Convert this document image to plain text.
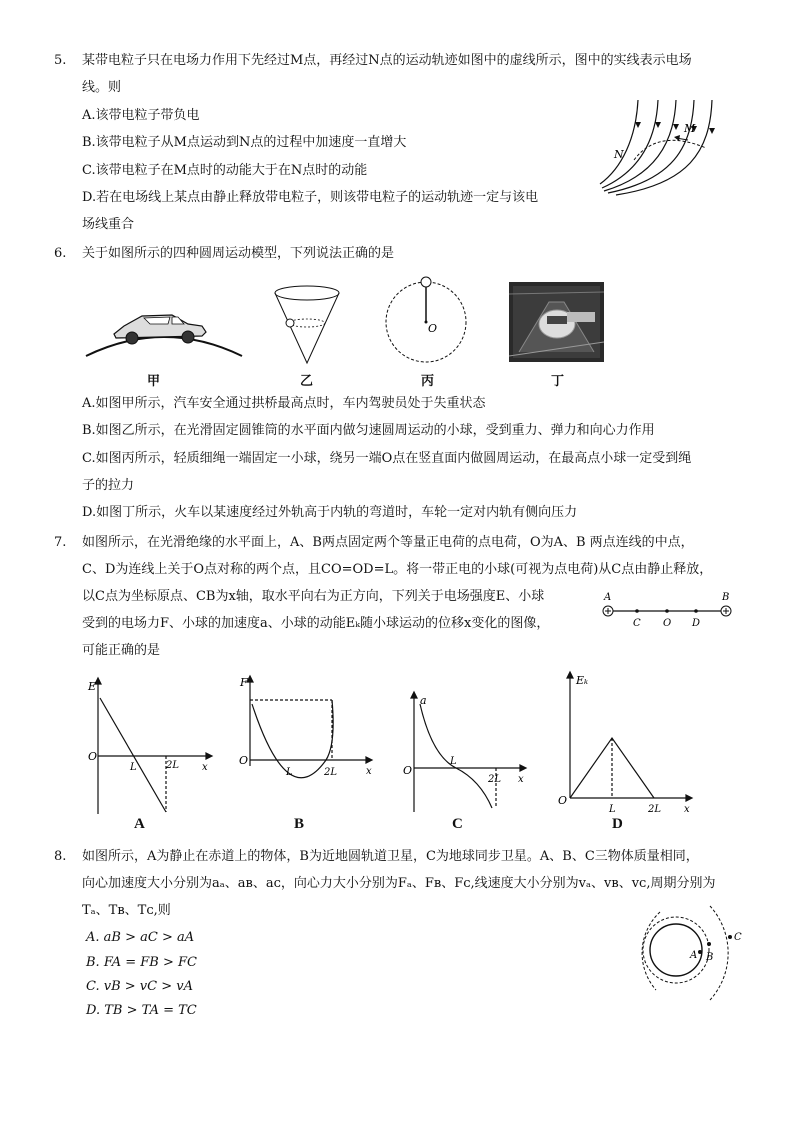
5. 某带电粒子只在电场力作用下先经过M点，再经过N点的运动轨迹如图中的虚线所示，图中的实线表示电场
线。则
A.该带电粒子带负电
B.该带电粒子从M点运动到N点的过程中加速度一直增大
C.该带电粒子在M点时的动能大于在N点时的动能
D.若在电场线上某点由静止释放带电粒子，则该带电粒子的运动轨迹一定与该电
场线重合
M
N
6. 关于如图所示的四种圆周运动模型，下列说法正确的是
甲	乙
O
丙	丁
A.如图甲所示，汽车安全通过拱桥最高点时，车内驾驶员处于失重状态
B.如图乙所示，在光滑固定圆锥筒的水平面内做匀速圆周运动的小球，受到重力、弹力和向心力作用
C.如图丙所示，轻质细绳一端固定一小球，绕另一端O点在竖直面内做圆周运动，在最高点小球一定受到绳
子的拉力
D.如图丁所示，火车以某速度经过外轨高于内轨的弯道时，车轮一定对内轨有侧向压力
7. 如图所示，在光滑绝缘的水平面上，A、B两点固定两个等量正电荷的点电荷，O为A、B 两点连线的中点，
C、D为连线上关于O点对称的两个点，且CO=OD=L。将一带正电的小球(可视为点电荷)从C点由静止释放，
以C点为坐标原点、CB为x轴，取水平向右为正方向，下列关于电场强度E、小球
受到的电场力F、小球的加速度a、小球的动能Eₖ随小球运动的位移x变化的图像，
可能正确的是
A
C O D
B
E
O
L	2L x
A
F
O
L	2L	x
B
a
O
L
2L x
C
Eₖ
O
L	2L x
D
8. 如图所示，A为静止在赤道上的物体，B为近地圆轨道卫星，C为地球同步卫星。A、B、C三物体质量相同，
向心加速度大小分别为aₐ、aʙ、aᴄ，向心力大小分别为Fₐ、Fʙ、Fᴄ,线速度大小分别为vₐ、vʙ、vᴄ,周期分别为
Tₐ、Tʙ、Tᴄ,则
A. aB > aC > aA
B. FA = FB > FC
C. vB > vC > vA
D. TB > TA = TC
A B
C
